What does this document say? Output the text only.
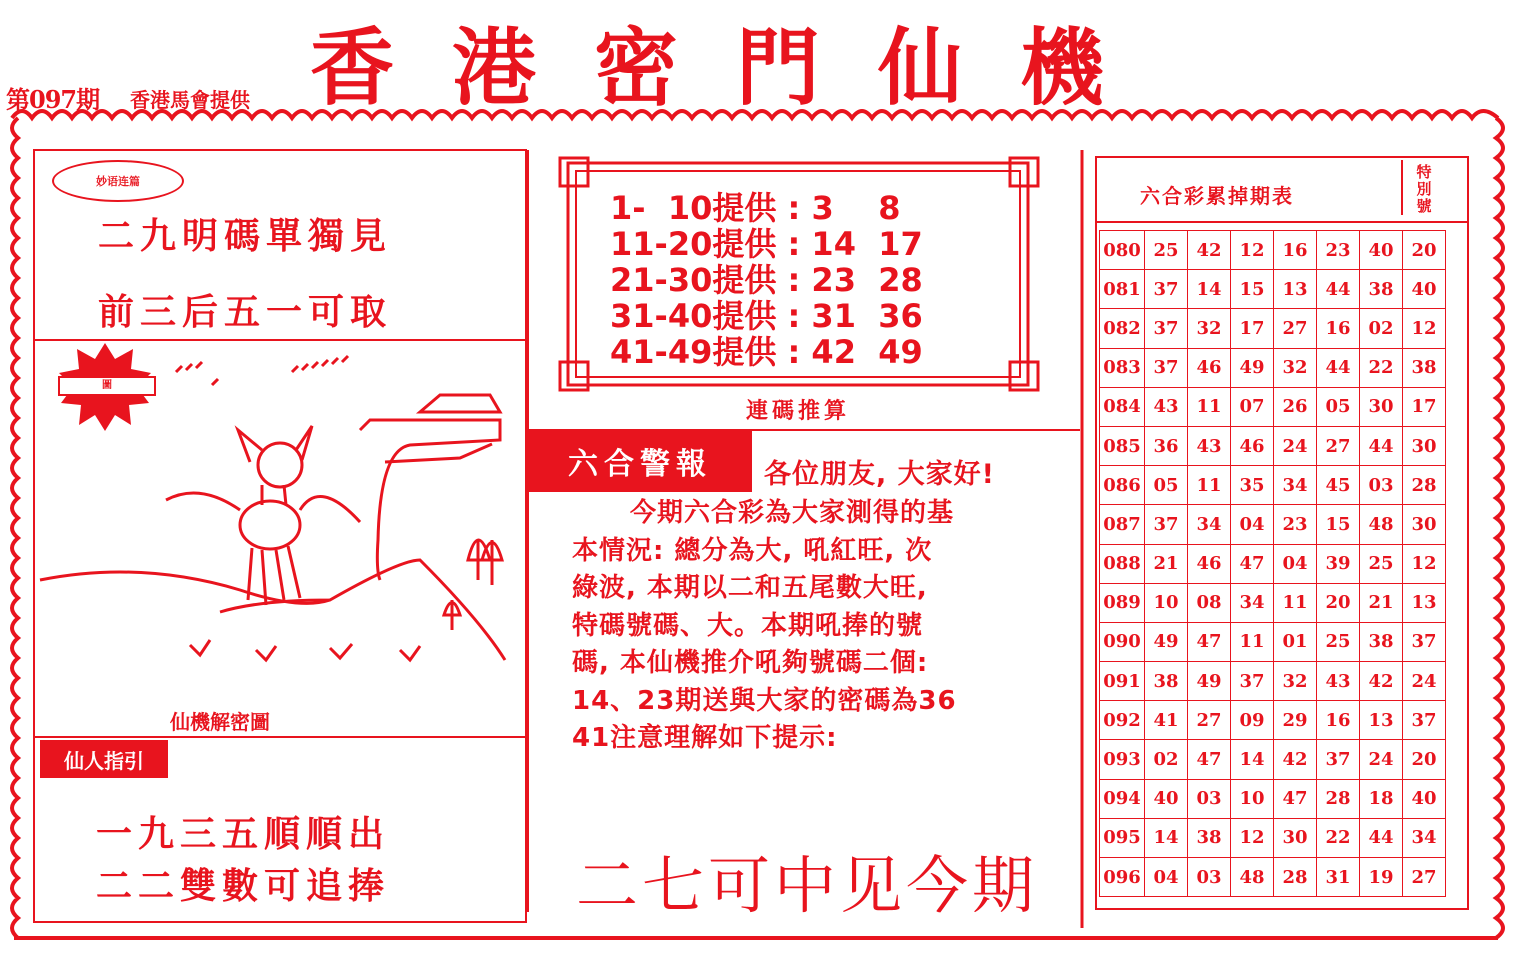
第097期 香港馬會提供 香港密門仙機
妙语连篇
二九明碼單獨見
前三后五一可取
圖
仙機解密圖
仙人指引
一九三五順順出
二二雙數可追捧
1-  10提供 : 3    8
11-20提供 : 14  17
21-30提供 : 23  28
31-40提供 : 31  36
41-49提供 : 42  49
連碼推算
六合警報	各位朋友, 大家好!
今期六合彩為大家測得的基
本情況: 總分為大, 吼紅旺, 次
綠波, 本期以二和五尾數大旺,
特碼號碼、大。本期吼捧的號
碼, 本仙機推介吼夠號碼二個:
14、23期送與大家的密碼為36
41注意理解如下提示:
二七可中见今期
六合彩累掉期表
特別號
080	25	42	12	16	23	40	20
081	37	14	15	13	44	38	40
082	37	32	17	27	16	02	12
083	37	46	49	32	44	22	38
084	43	11	07	26	05	30	17
085	36	43	46	24	27	44	30
086	05	11	35	34	45	03	28
087	37	34	04	23	15	48	30
088	21	46	47	04	39	25	12
089	10	08	34	11	20	21	13
090	49	47	11	01	25	38	37
091	38	49	37	32	43	42	24
092	41	27	09	29	16	13	37
093	02	47	14	42	37	24	20
094	40	03	10	47	28	18	40
095	14	38	12	30	22	44	34
096	04	03	48	28	31	19	27
